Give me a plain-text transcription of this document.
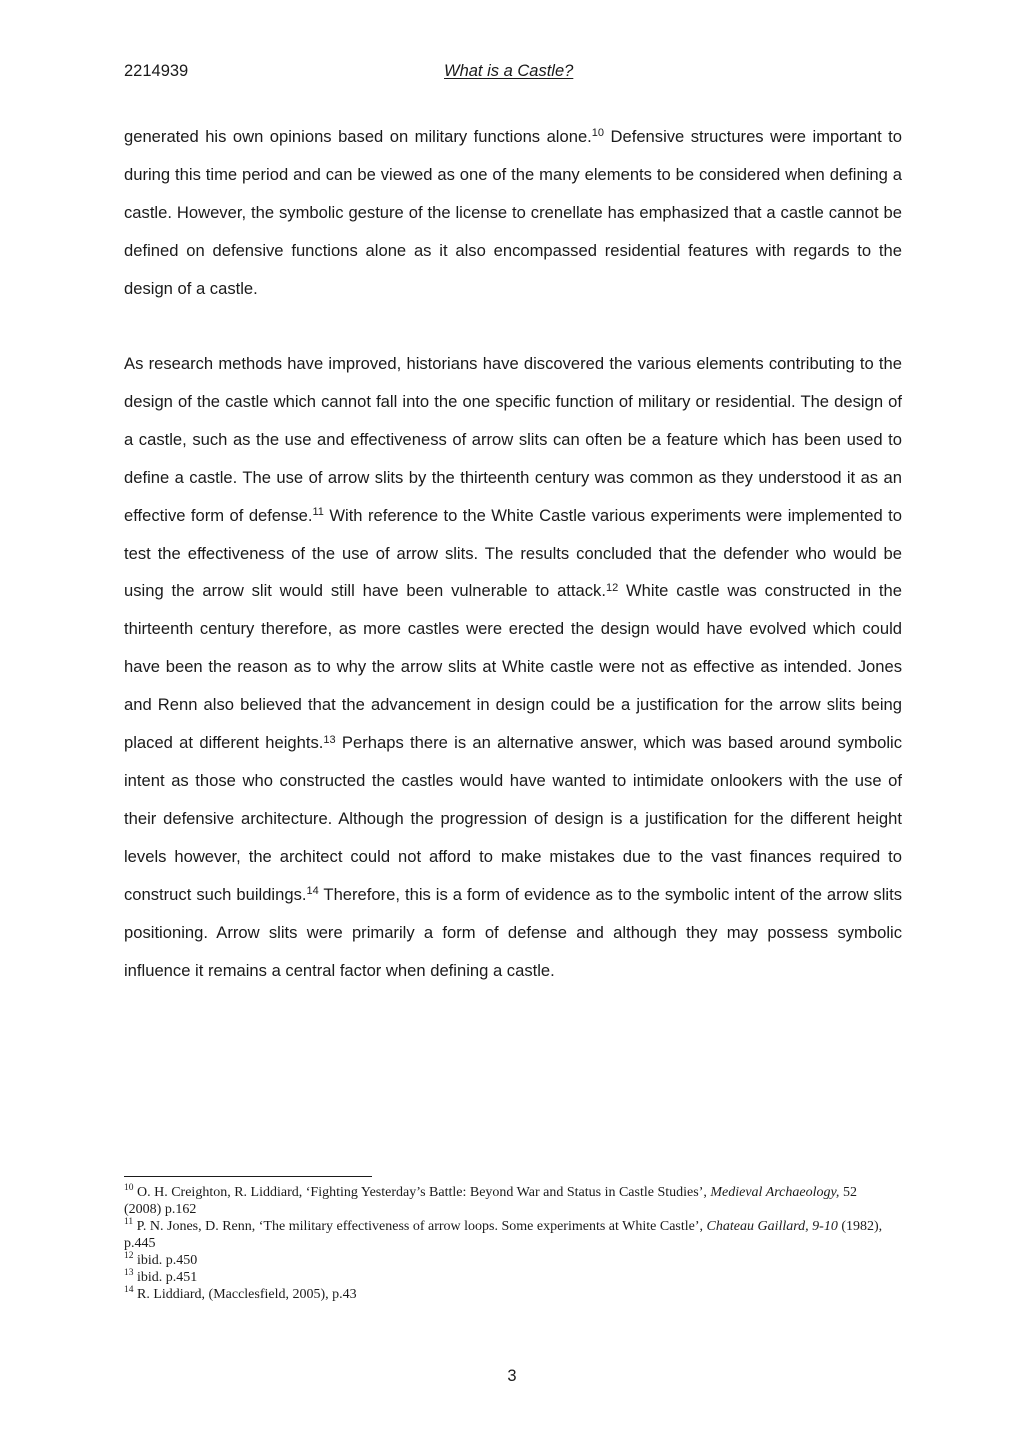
2214939	What is a Castle?

generated his own opinions based on military functions alone.$^{10}$ Defensive structures were important to during this time period and can be viewed as one of the many elements to be considered when defining a castle. However, the symbolic gesture of the license to crenellate has emphasized that a castle cannot be defined on defensive functions alone as it also encompassed residential features with regards to the design of a castle.

As research methods have improved, historians have discovered the various elements contributing to the design of the castle which cannot fall into the one specific function of military or residential. The design of a castle, such as the use and effectiveness of arrow slits can often be a feature which has been used to define a castle. The use of arrow slits by the thirteenth century was common as they understood it as an effective form of defense.$^{11}$ With reference to the White Castle various experiments were implemented to test the effectiveness of the use of arrow slits. The results concluded that the defender who would be using the arrow slit would still have been vulnerable to attack.$^{12}$ White castle was constructed in the thirteenth century therefore, as more castles were erected the design would have evolved which could have been the reason as to why the arrow slits at White castle were not as effective as intended. Jones and Renn also believed that the advancement in design could be a justification for the arrow slits being placed at different heights.$^{13}$ Perhaps there is an alternative answer, which was based around symbolic intent as those who constructed the castles would have wanted to intimidate onlookers with the use of their defensive architecture. Although the progression of design is a justification for the different height levels however, the architect could not afford to make mistakes due to the vast finances required to construct such buildings.$^{14}$ Therefore, this is a form of evidence as to the symbolic intent of the arrow slits positioning. Arrow slits were primarily a form of defense and although they may possess symbolic influence it remains a central factor when defining a castle.

$^{10}$ O. H. Creighton, R. Liddiard, ‘Fighting Yesterday’s Battle: Beyond War and Status in Castle Studies’, Medieval Archaeology, 52 (2008) p.162

$^{11}$ P. N. Jones, D. Renn, ‘The military effectiveness of arrow loops. Some experiments at White Castle’, Chateau Gaillard, 9-10 (1982), p.445

$^{12}$ ibid. p.450

$^{13}$ ibid. p.451

$^{14}$ R. Liddiard, (Macclesfield, 2005), p.43

3
